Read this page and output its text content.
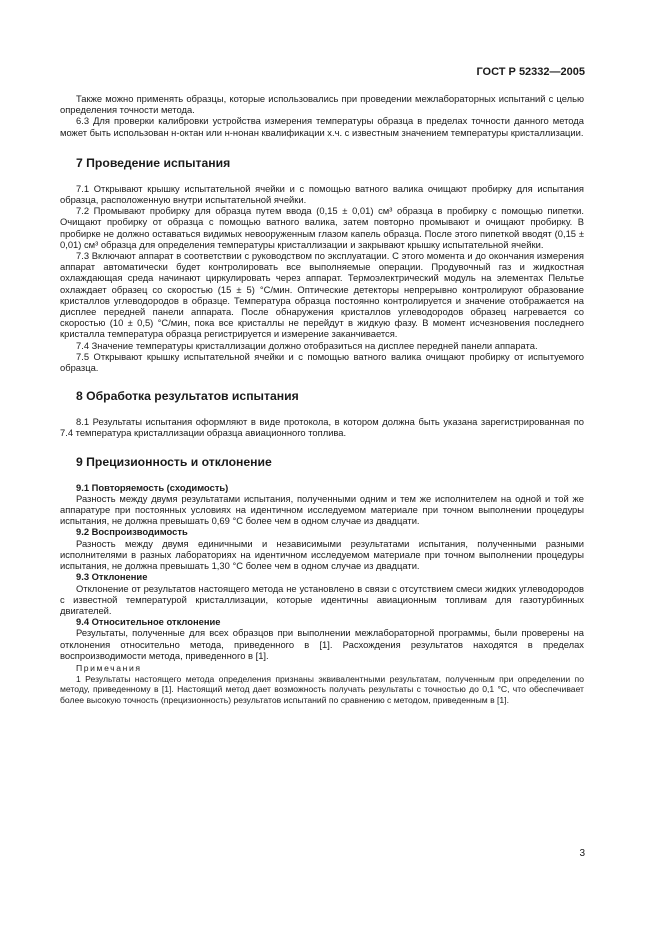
ГОСТ Р 52332—2005

Также можно применять образцы, которые использовались при проведении межлабораторных испытаний с целью определения точности метода.

6.3 Для проверки калибровки устройства измерения температуры образца в пределах точности данного метода может быть использован н-октан или н-нонан квалификации х.ч. с известным значением температуры кристаллизации.

7 Проведение испытания

7.1 Открывают крышку испытательной ячейки и с помощью ватного валика очищают пробирку для испытания образца, расположенную внутри испытательной ячейки.

7.2 Промывают пробирку для образца путем ввода (0,15 ± 0,01) см³ образца в пробирку с помощью пипетки. Очищают пробирку от образца с помощью ватного валика, затем повторно промывают и очищают пробирку. В пробирке не должно оставаться видимых невооруженным глазом капель образца. После этого пипеткой вводят (0,15 ± 0,01) см³ образца для определения температуры кристаллизации и закрывают крышку испытательной ячейки.

7.3 Включают аппарат в соответствии с руководством по эксплуатации. С этого момента и до окончания измерения аппарат автоматически будет контролировать все выполняемые операции. Продувочный газ и жидкостная охлаждающая среда начинают циркулировать через аппарат. Термоэлектрический модуль на элементах Пельтье охлаждает образец со скоростью (15 ± 5) °С/мин. Оптические детекторы непрерывно контролируют образование кристаллов углеводородов в образце. Температура образца постоянно контролируется и значение отображается на дисплее передней панели аппарата. После обнаружения кристаллов углеводородов образец нагревается со скоростью (10 ± 0,5) °С/мин, пока все кристаллы не перейдут в жидкую фазу. В момент исчезновения последнего кристалла температура образца регистрируется и измерение заканчивается.

7.4 Значение температуры кристаллизации должно отобразиться на дисплее передней панели аппарата.

7.5 Открывают крышку испытательной ячейки и с помощью ватного валика очищают пробирку от испытуемого образца.

8 Обработка результатов испытания

8.1 Результаты испытания оформляют в виде протокола, в котором должна быть указана зарегистрированная по 7.4 температура кристаллизации образца авиационного топлива.

9 Прецизионность и отклонение

9.1 Повторяемость (сходимость)

Разность между двумя результатами испытания, полученными одним и тем же исполнителем на одной и той же аппаратуре при постоянных условиях на идентичном исследуемом материале при точном выполнении процедуры испытания, не должна превышать 0,69 °С более чем в одном случае из двадцати.

9.2 Воспроизводимость

Разность между двумя единичными и независимыми результатами испытания, полученными разными исполнителями в разных лабораториях на идентичном исследуемом материале при точном выполнении процедуры испытания, не должна превышать 1,30 °С более чем в одном случае из двадцати.

9.3 Отклонение

Отклонение от результатов настоящего метода не установлено в связи с отсутствием смеси жидких углеводородов с известной температурой кристаллизации, которые идентичны авиационным топливам для газотурбинных двигателей.

9.4 Относительное отклонение

Результаты, полученные для всех образцов при выполнении межлабораторной программы, были проверены на отклонения относительно метода, приведенного в [1]. Расхождения результатов находятся в пределах воспроизводимости метода, приведенного в [1].

Примечания

1 Результаты настоящего метода определения признаны эквивалентными результатам, полученным при определении по методу, приведенному в [1]. Настоящий метод дает возможность получать результаты с точностью до 0,1 °С, что обеспечивает более высокую точность (прецизионность) результатов испытаний по сравнению с методом, приведенным в [1].

3
